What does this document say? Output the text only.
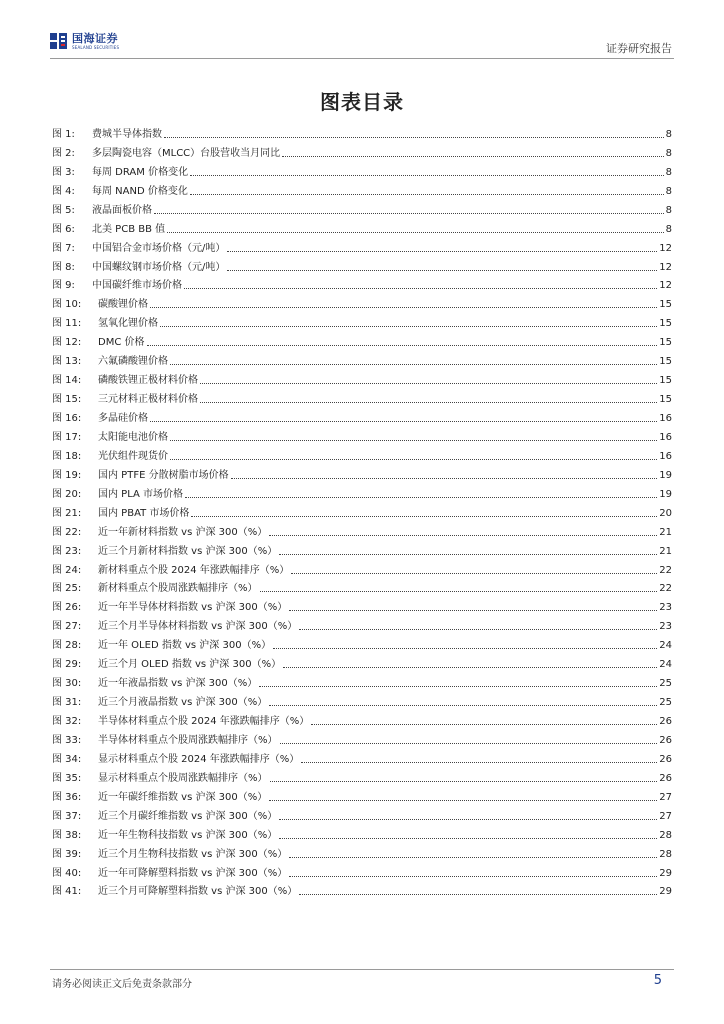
国海证券
SEALAND SECURITIES	证券研究报告
图表目录
图 1:	费城半导体指数	8
图 2:	多层陶瓷电容（MLCC）台股营收当月同比	8
图 3:	每周 DRAM 价格变化	8
图 4:	每周 NAND 价格变化	8
图 5:	液晶面板价格	8
图 6:	北美 PCB BB 值	8
图 7:	中国铝合金市场价格（元/吨）	12
图 8:	中国螺纹钢市场价格（元/吨）	12
图 9:	中国碳纤维市场价格	12
图 10:	碳酸锂价格	15
图 11:	氢氧化锂价格	15
图 12:	DMC 价格	15
图 13:	六氟磷酸锂价格	15
图 14:	磷酸铁锂正极材料价格	15
图 15:	三元材料正极材料价格	15
图 16:	多晶硅价格	16
图 17:	太阳能电池价格	16
图 18:	光伏组件现货价	16
图 19:	国内 PTFE 分散树脂市场价格	19
图 20:	国内 PLA 市场价格	19
图 21:	国内 PBAT 市场价格	20
图 22:	近一年新材料指数 vs 沪深 300（%）	21
图 23:	近三个月新材料指数 vs 沪深 300（%）	21
图 24:	新材料重点个股 2024 年涨跌幅排序（%）	22
图 25:	新材料重点个股周涨跌幅排序（%）	22
图 26:	近一年半导体材料指数 vs 沪深 300（%）	23
图 27:	近三个月半导体材料指数 vs 沪深 300（%）	23
图 28:	近一年 OLED 指数 vs 沪深 300（%）	24
图 29:	近三个月 OLED 指数 vs 沪深 300（%）	24
图 30:	近一年液晶指数 vs 沪深 300（%）	25
图 31:	近三个月液晶指数 vs 沪深 300（%）	25
图 32:	半导体材料重点个股 2024 年涨跌幅排序（%）	26
图 33:	半导体材料重点个股周涨跌幅排序（%）	26
图 34:	显示材料重点个股 2024 年涨跌幅排序（%）	26
图 35:	显示材料重点个股周涨跌幅排序（%）	26
图 36:	近一年碳纤维指数 vs 沪深 300（%）	27
图 37:	近三个月碳纤维指数 vs 沪深 300（%）	27
图 38:	近一年生物科技指数 vs 沪深 300（%）	28
图 39:	近三个月生物科技指数 vs 沪深 300（%）	28
图 40:	近一年可降解塑料指数 vs 沪深 300（%）	29
图 41:	近三个月可降解塑料指数 vs 沪深 300（%）	29
请务必阅读正文后免责条款部分	5
